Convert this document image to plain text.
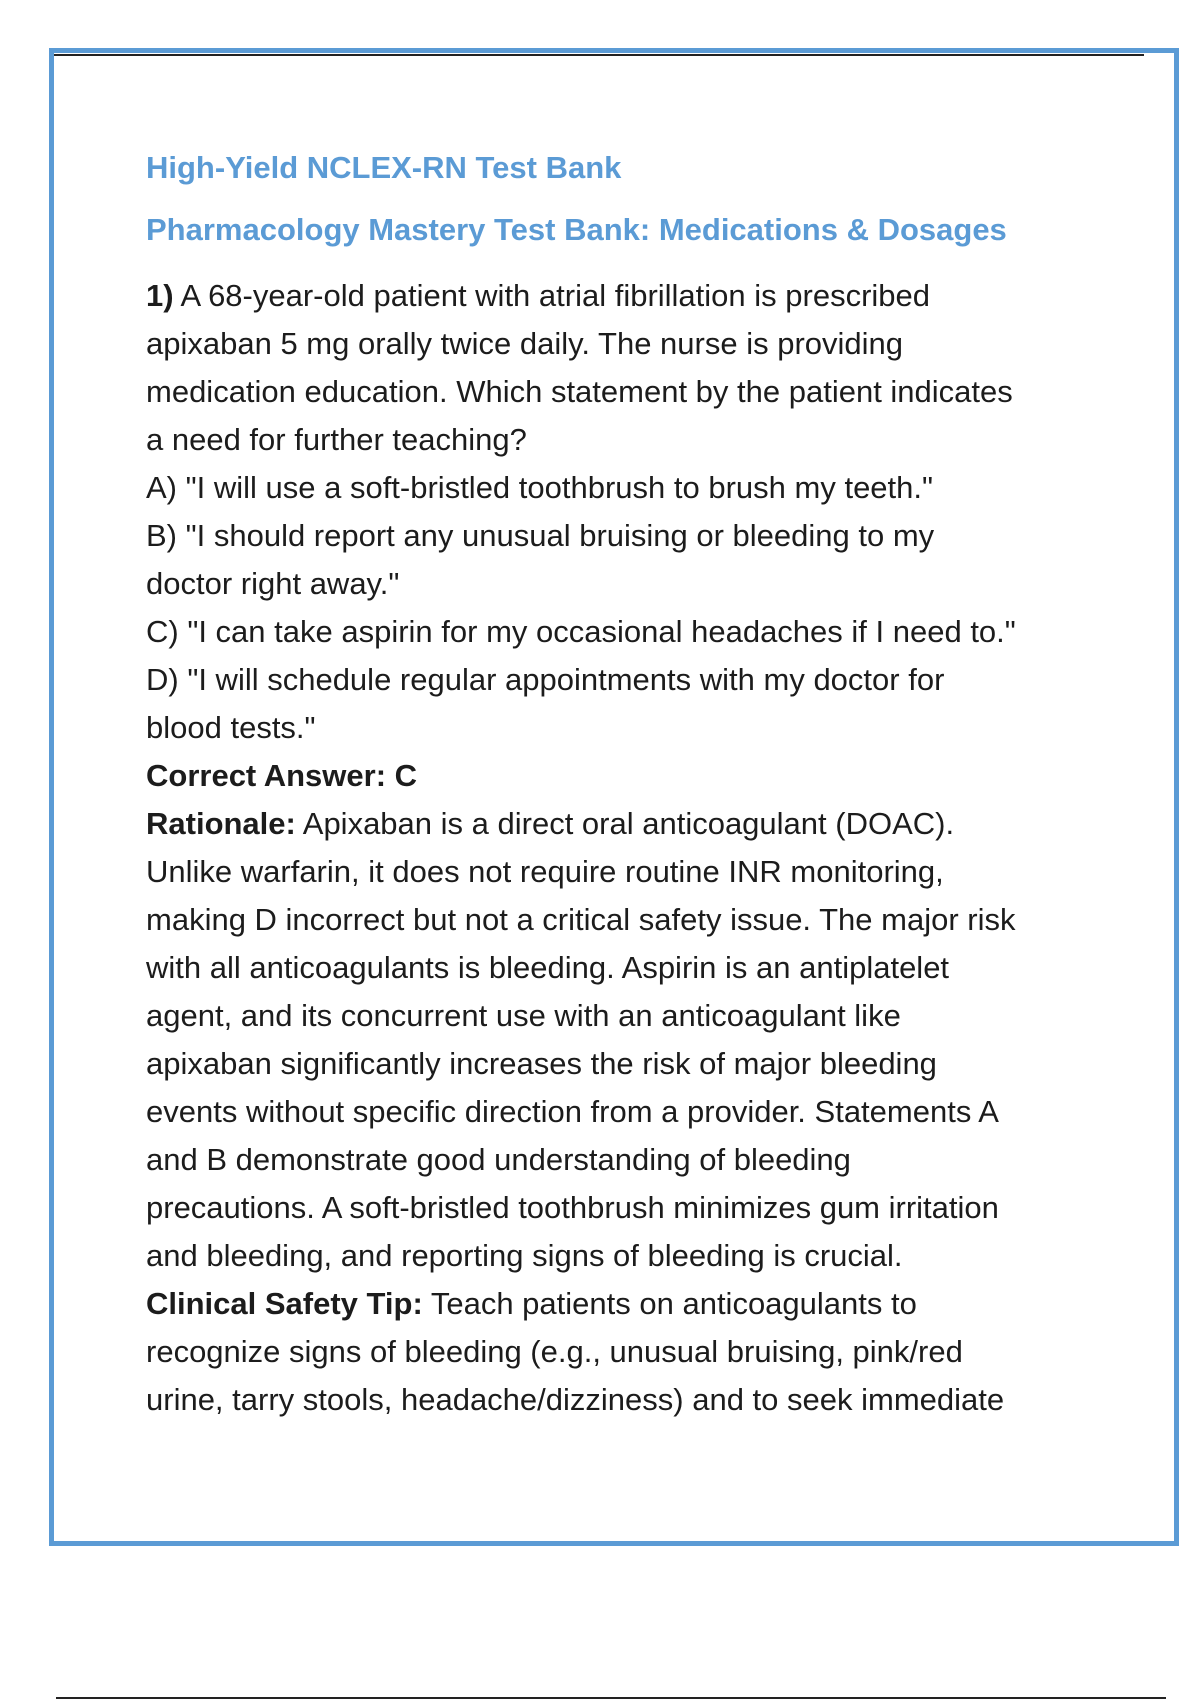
High-Yield NCLEX-RN Test Bank
Pharmacology Mastery Test Bank: Medications & Dosages
1) A 68-year-old patient with atrial fibrillation is prescribed
apixaban 5 mg orally twice daily. The nurse is providing
medication education. Which statement by the patient indicates
a need for further teaching?
A) "I will use a soft-bristled toothbrush to brush my teeth."
B) "I should report any unusual bruising or bleeding to my
doctor right away."
C) "I can take aspirin for my occasional headaches if I need to."
D) "I will schedule regular appointments with my doctor for
blood tests."
Correct Answer: C
Rationale: Apixaban is a direct oral anticoagulant (DOAC).
Unlike warfarin, it does not require routine INR monitoring,
making D incorrect but not a critical safety issue. The major risk
with all anticoagulants is bleeding. Aspirin is an antiplatelet
agent, and its concurrent use with an anticoagulant like
apixaban significantly increases the risk of major bleeding
events without specific direction from a provider. Statements A
and B demonstrate good understanding of bleeding
precautions. A soft-bristled toothbrush minimizes gum irritation
and bleeding, and reporting signs of bleeding is crucial.
Clinical Safety Tip: Teach patients on anticoagulants to
recognize signs of bleeding (e.g., unusual bruising, pink/red
urine, tarry stools, headache/dizziness) and to seek immediate
